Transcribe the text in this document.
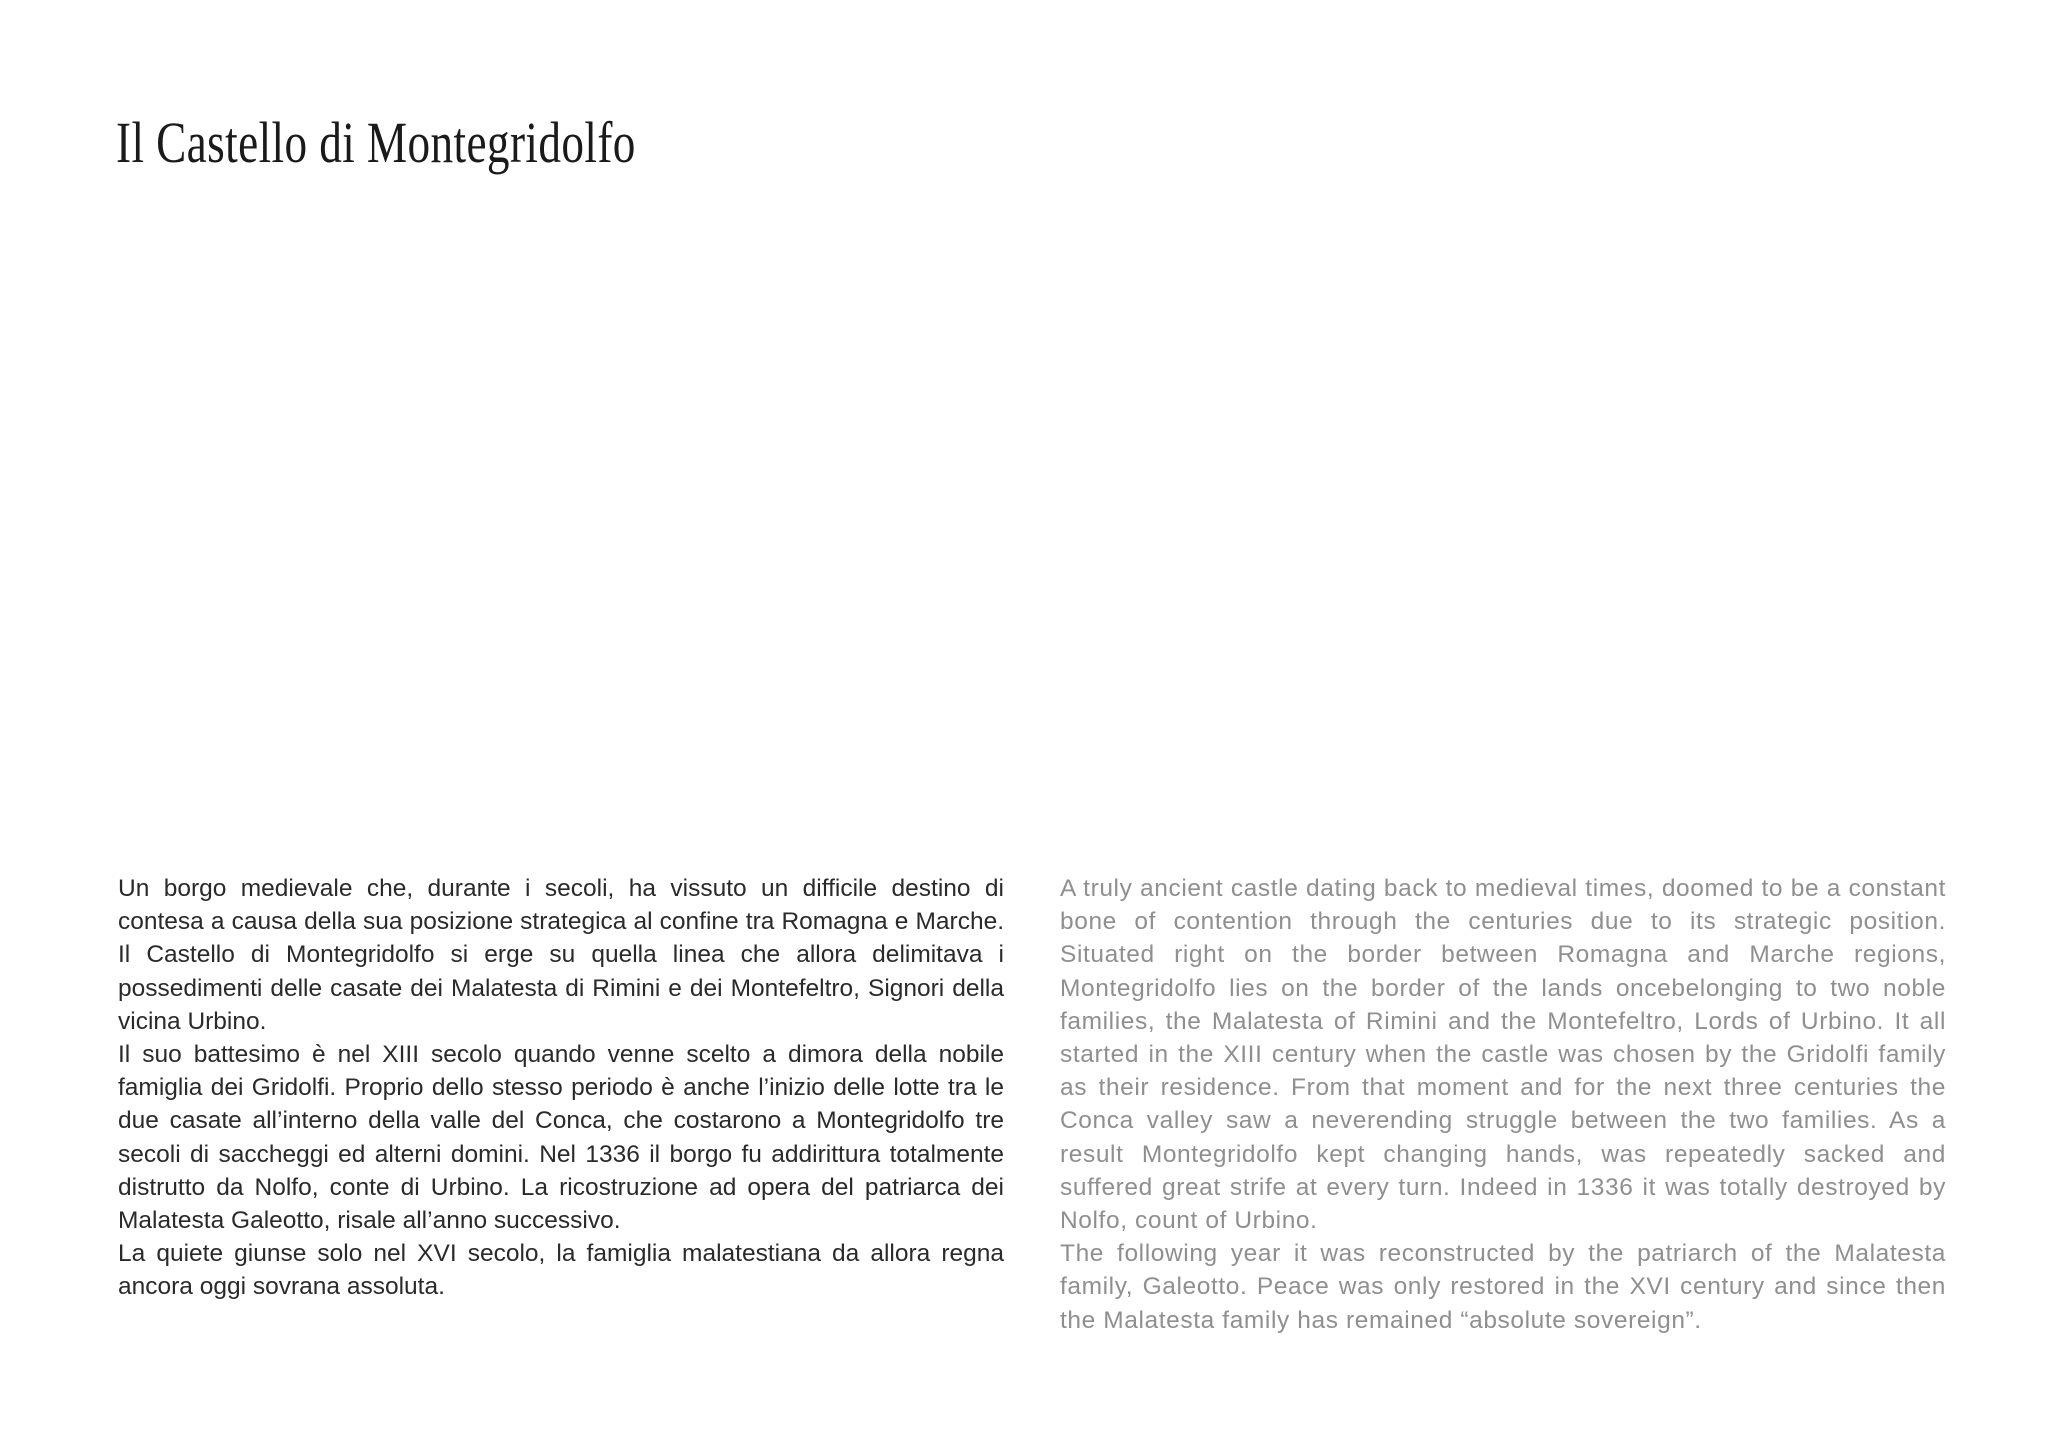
Il Castello di Montegridolfo

Un borgo medievale che, durante i secoli, ha vissuto un difficile destino di contesa a causa della sua posizione strategica al confine tra Romagna e Marche. Il Castello di Montegridolfo si erge su quella linea che allora delimitava i possedimenti delle casate dei Malatesta di Rimini e dei Montefeltro, Signori della vicina Urbino.

Il suo battesimo è nel XIII secolo quando venne scelto a dimora della nobile famiglia dei Gridolfi. Proprio dello stesso periodo è anche l’inizio delle lotte tra le due casate all’interno della valle del Conca, che costarono a Montegridolfo tre secoli di saccheggi ed alterni domini. Nel 1336 il borgo fu addirittura totalmente distrutto da Nolfo, conte di Urbino. La ricostruzione ad opera del patriarca dei Malatesta Galeotto, risale all’anno successivo.

La quiete giunse solo nel XVI secolo, la famiglia malatestiana da allora regna ancora oggi sovrana assoluta.

A truly ancient castle dating back to medieval times, doomed to be a constant bone of contention through the centuries due to its strategic position. Situated right on the border between Romagna and Marche regions, Montegridolfo lies on the border of the lands oncebelonging to two noble families, the Malatesta of Rimini and the Montefeltro, Lords of Urbino. It all started in the XIII century when the castle was chosen by the Gridolfi family as their residence. From that moment and for the next three centuries the Conca valley saw a neverending struggle between the two families. As a result Montegridolfo kept changing hands, was repeatedly sacked and suffered great strife at every turn. Indeed in 1336 it was totally destroyed by Nolfo, count of Urbino.

The following year it was reconstructed by the patriarch of the Malatesta family, Galeotto. Peace was only restored in the XVI century and since then the Malatesta family has remained “absolute sovereign”.
